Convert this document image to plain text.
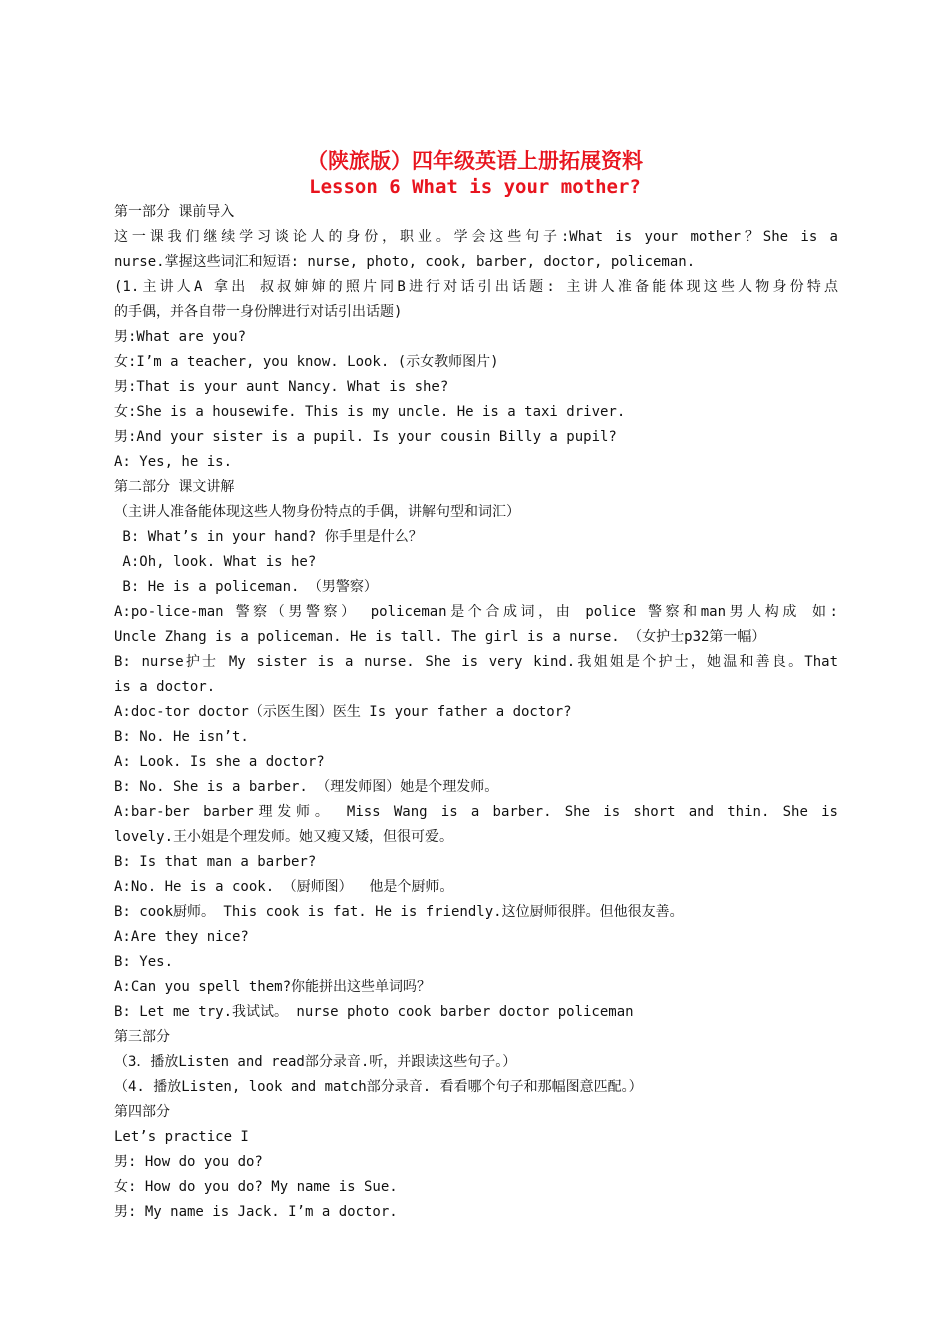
（陕旅版）四年级英语上册拓展资料
Lesson 6 What is your mother?
第一部分 课前导入
这一课我们继续学习谈论人的身份，职业。学会这些句子:What is your mother？She is a
nurse.掌握这些词汇和短语: nurse, photo, cook, barber, doctor, policeman.
(1.主讲人A 拿出 叔叔婶婶的照片同B进行对话引出话题: 主讲人准备能体现这些人物身份特点
的手偶，并各自带一身份牌进行对话引出话题)
男:What are you?
女:I’m a teacher, you know. Look. (示女教师图片)
男:That is your aunt Nancy. What is she?
女:She is a housewife. This is my uncle. He is a taxi driver.
男:And your sister is a pupil. Is your cousin Billy a pupil?
A: Yes, he is.
第二部分 课文讲解
（主讲人准备能体现这些人物身份特点的手偶，讲解句型和词汇）
B: What’s in your hand? 你手里是什么？
A:Oh, look. What is he?
B: He is a policeman. （男警察）
A:po-lice-man 警察（男警察） policeman是个合成词，由 police 警察和man男人构成 如:
Uncle Zhang is a policeman. He is tall. The girl is a nurse. （女护士p32第一幅）
B: nurse护士 My sister is a nurse. She is very kind.我姐姐是个护士，她温和善良。That
is a doctor.
A:doc-tor doctor（示医生图）医生 Is your father a doctor?
B: No. He isn’t.
A: Look. Is she a doctor?
B: No. She is a barber. （理发师图）她是个理发师。
A:bar-ber barber理发师。 Miss Wang is a barber. She is short and thin. She is
lovely.王小姐是个理发师。她又瘦又矮，但很可爱。
B: Is that man a barber?
A:No. He is a cook. （厨师图）  他是个厨师。
B: cook厨师。 This cook is fat. He is friendly.这位厨师很胖。但他很友善。
A:Are they nice?
B: Yes.
A:Can you spell them?你能拼出这些单词吗？
B: Let me try.我试试。 nurse photo cook barber doctor policeman
第三部分
（3．播放Listen and read部分录音.听，并跟读这些句子。）
（4. 播放Listen, look and match部分录音. 看看哪个句子和那幅图意匹配。）
第四部分
Let’s practice I
男: How do you do?
女: How do you do? My name is Sue.
男: My name is Jack. I’m a doctor.
